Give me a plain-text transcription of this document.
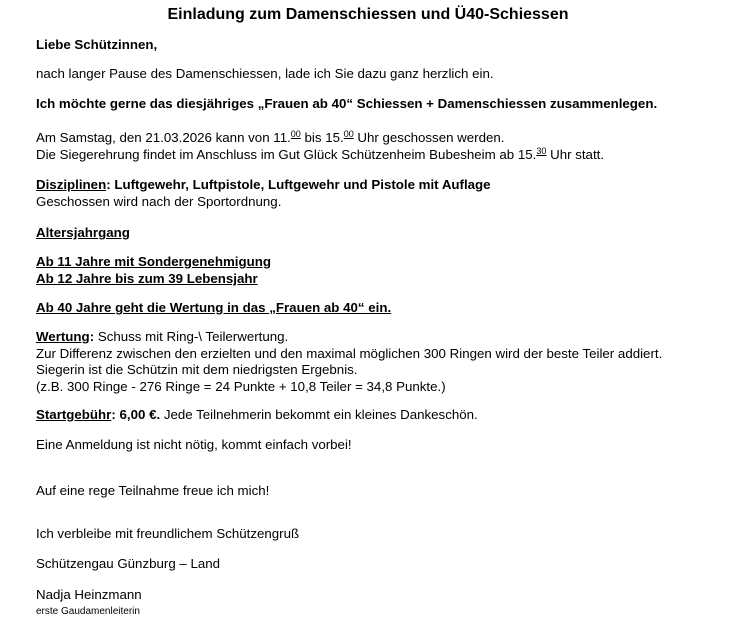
Einladung zum Damenschiessen und Ü40-Schiessen
Liebe Schützinnen,
nach langer Pause des Damenschiessen, lade ich Sie dazu ganz herzlich ein.
Ich möchte gerne das diesjähriges „Frauen ab 40“ Schiessen + Damenschiessen zusammenlegen.
Am Samstag, den 21.03.2026 kann von 11.00 bis 15.00 Uhr geschossen werden.
Die Siegerehrung findet im Anschluss im Gut Glück Schützenheim Bubesheim ab 15.30 Uhr statt.
Disziplinen: Luftgewehr, Luftpistole, Luftgewehr und Pistole mit Auflage
Geschossen wird nach der Sportordnung.
Altersjahrgang
Ab 11 Jahre mit Sondergenehmigung
Ab 12 Jahre bis zum 39 Lebensjahr
Ab 40 Jahre geht die Wertung in das „Frauen ab 40“ ein.
Wertung: Schuss mit Ring-\ Teilerwertung.
Zur Differenz zwischen den erzielten und den maximal möglichen 300 Ringen wird der beste Teiler addiert.
Siegerin ist die Schützin mit dem niedrigsten Ergebnis.
(z.B. 300 Ringe - 276 Ringe = 24 Punkte + 10,8 Teiler = 34,8 Punkte.)
Startgebühr: 6,00 €. Jede Teilnehmerin bekommt ein kleines Dankeschön.
Eine Anmeldung ist nicht nötig, kommt einfach vorbei!
Auf eine rege Teilnahme freue ich mich!
Ich verbleibe mit freundlichem Schützengruß
Schützengau Günzburg – Land
Nadja Heinzmann
erste Gaudamenleiterin
